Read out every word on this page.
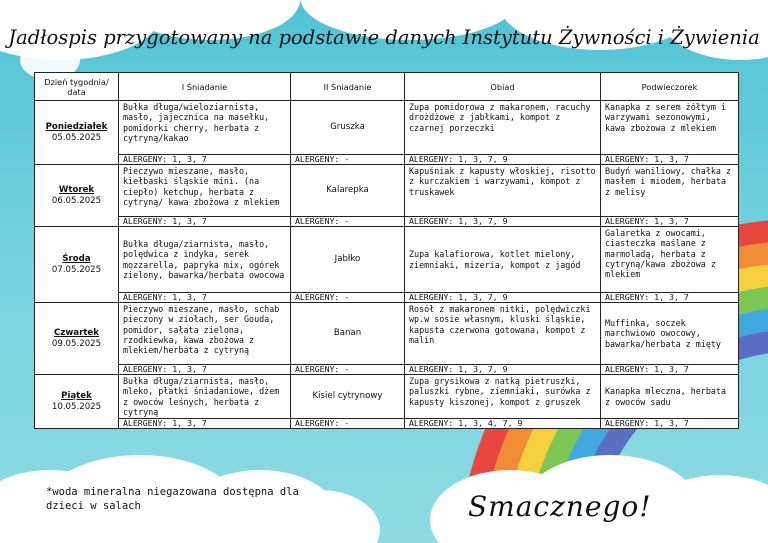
Jadłospis przygotowany na podstawie danych Instytutu Żywności i Żywienia
Dzień tygodnia/ data	I Śniadanie	II Śniadanie	Obiad	Podwieczorek

Poniedziałek
05.05.2025	Bułka długa/wieloziarnista, masło, jajecznica na masełku, pomidorki cherry, herbata z cytryną/kakao	Gruszka	Zupa pomidorowa z makaronem, racuchy drożdżowe z jabłkami, kompot z czarnej porzeczki	Kanapka z serem żółtym i warzywami sezonowymi, kawa zbożowa z mlekiem
	ALERGENY: 1, 3, 7	ALERGENY: -	ALERGENY: 1, 3, 7, 9	ALERGENY: 1, 3, 7

Wtorek
06.05.2025	Pieczywo mieszane, masło, kiełbaski śląskie mini. (na ciepło) ketchup, herbata z cytryną/ kawa zbożowa z mlekiem	Kalarepka	Kapuśniak z kapusty włoskiej, risotto z kurczakiem i warzywami, kompot z truskawek	Budyń waniliowy, chałka z masłem i miodem, herbata z melisy
	ALERGENY: 1, 3, 7	ALERGENY: -	ALERGENY: 1, 3, 7, 9	ALERGENY: 1, 3, 7

Środa
07.05.2025	Bułka długa/ziarnista, masło, polędwica z indyka, serek mozzarella, papryka mix, ogórek zielony, bawarka/herbata owocowa	Jabłko	Zupa kalafiorowa, kotlet mielony, ziemniaki, mizeria, kompot z jagód	Galaretka z owocami, ciasteczka maślane z marmoladą, herbata z cytryną/kawa zbożowa z mlekiem
	ALERGENY: 1, 3, 7	ALERGENY: -	ALERGENY: 1, 3, 7, 9	ALERGENY: 1, 3, 7

Czwartek
09.05.2025	Pieczywo mieszane, masło, schab pieczony w ziołach, ser Gouda, pomidor, sałata zielona, rzodkiewka, kawa zbożowa z mlekiem/herbata z cytryną	Banan	Rosół z makaronem nitki, polędwiczki wp.w sosie własnym, kluski śląskie, kapusta czerwona gotowana, kompot z malin	Muffinka, soczek marchwiowo owocowy, bawarka/herbata z mięty
	ALERGENY: 1, 3, 7	ALERGENY: -	ALERGENY: 1, 3, 7, 9	ALERGENY: 1, 3, 7

Piątek
10.05.2025	Bułka długa/ziarnista, masło, mleko, płatki śniadaniowe, dżem z owoców leśnych, herbata z cytryną	Kisiel cytrynowy	Zupa grysikowa z natką pietruszki, paluszki rybne, ziemniaki, surówka z kapusty kiszonej, kompot z gruszek	Kanapka mleczna, herbata z owoców sadu
	ALERGENY: 1, 3, 7	ALERGENY: -	ALERGENY: 1, 3, 4, 7, 9	ALERGENY: 1, 3, 7
*woda mineralna niegazowana dostępna dla dzieci w salach	Smacznego!
